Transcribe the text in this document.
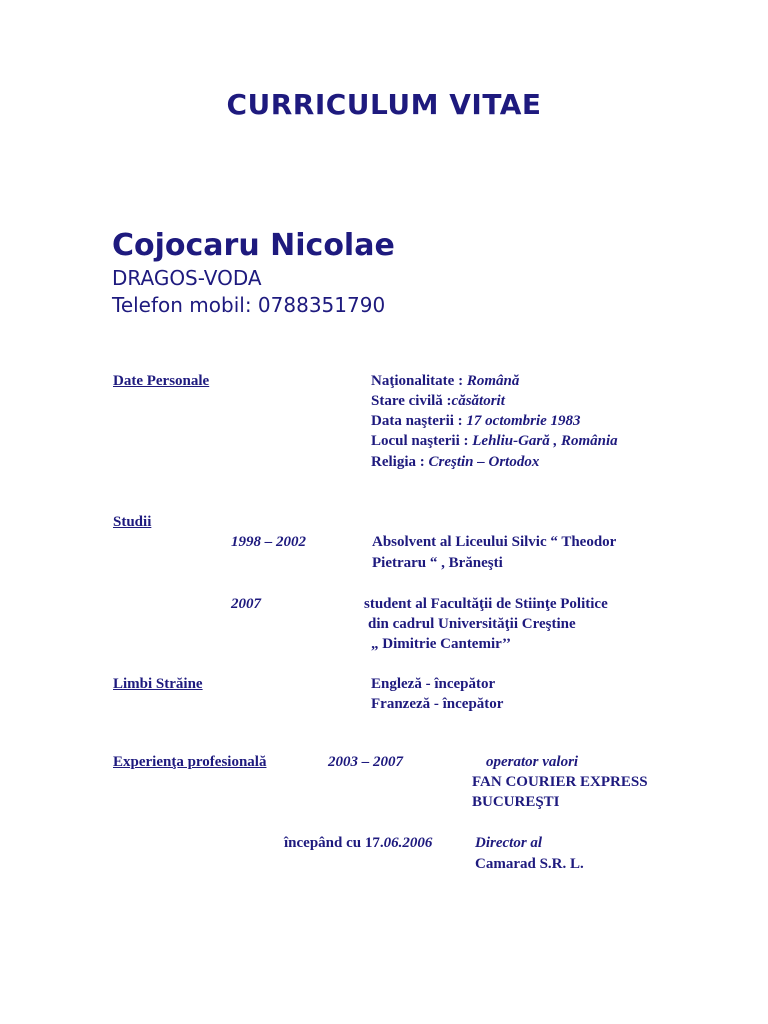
CURRICULUM VITAE
Cojocaru Nicolae
DRAGOS-VODA
Telefon mobil: 0788351790
Date Personale	Naţionalitate : Română
Stare civilă :căsătorit
Data naşterii : 17 octombrie 1983
Locul naşterii : Lehliu-Gară , România
Religia : Creştin – Ortodox
Studii
1998 – 2002	Absolvent al Liceului Silvic “ Theodor
Pietraru “ , Brăneşti
2007	student al Facultăţii de Stiinţe Politice
din cadrul Universităţii Creştine
„ Dimitrie Cantemir’’
Limbi Străine	Engleză - începător
Franzeză - începător
Experienţa profesională	2003 – 2007	operator valori
FAN COURIER EXPRESS
BUCUREŞTI
începând cu 17.06.2006	Director al
Camarad S.R. L.
